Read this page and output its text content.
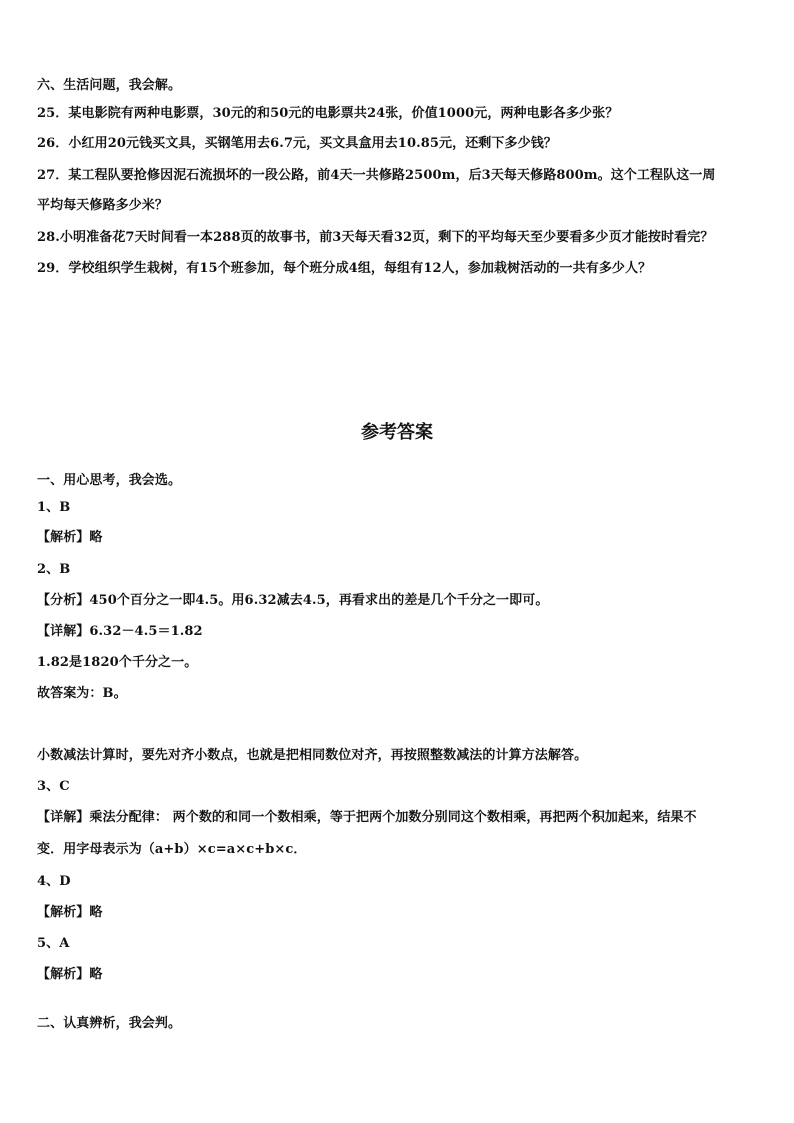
六、生活问题，我会解。
25．某电影院有两种电影票，30元的和50元的电影票共24张，价值1000元，两种电影各多少张？
26．小红用20元钱买文具，买钢笔用去6.7元，买文具盒用去10.85元，还剩下多少钱？
27．某工程队要抢修因泥石流损坏的一段公路，前4天一共修路2500m，后3天每天修路800m。这个工程队这一周
平均每天修路多少米？
28.小明准备花7天时间看一本288页的故事书，前3天每天看32页，剩下的平均每天至少要看多少页才能按时看完？
29．学校组织学生栽树，有15个班参加，每个班分成4组，每组有12人，参加栽树活动的一共有多少人？
参考答案
一、用心思考，我会选。
1、B
【解析】略
2、B
【分析】450个百分之一即4.5。用6.32减去4.5，再看求出的差是几个千分之一即可。
【详解】6.32－4.5＝1.82
1.82是1820个千分之一。
故答案为：B。
小数减法计算时，要先对齐小数点，也就是把相同数位对齐，再按照整数减法的计算方法解答。
3、C
【详解】乘法分配律： 两个数的和同一个数相乘，等于把两个加数分别同这个数相乘，再把两个积加起来，结果不
变．用字母表示为（a+b）×c=a×c+b×c．
4、D
【解析】略
5、A
【解析】略
二、认真辨析，我会判。
